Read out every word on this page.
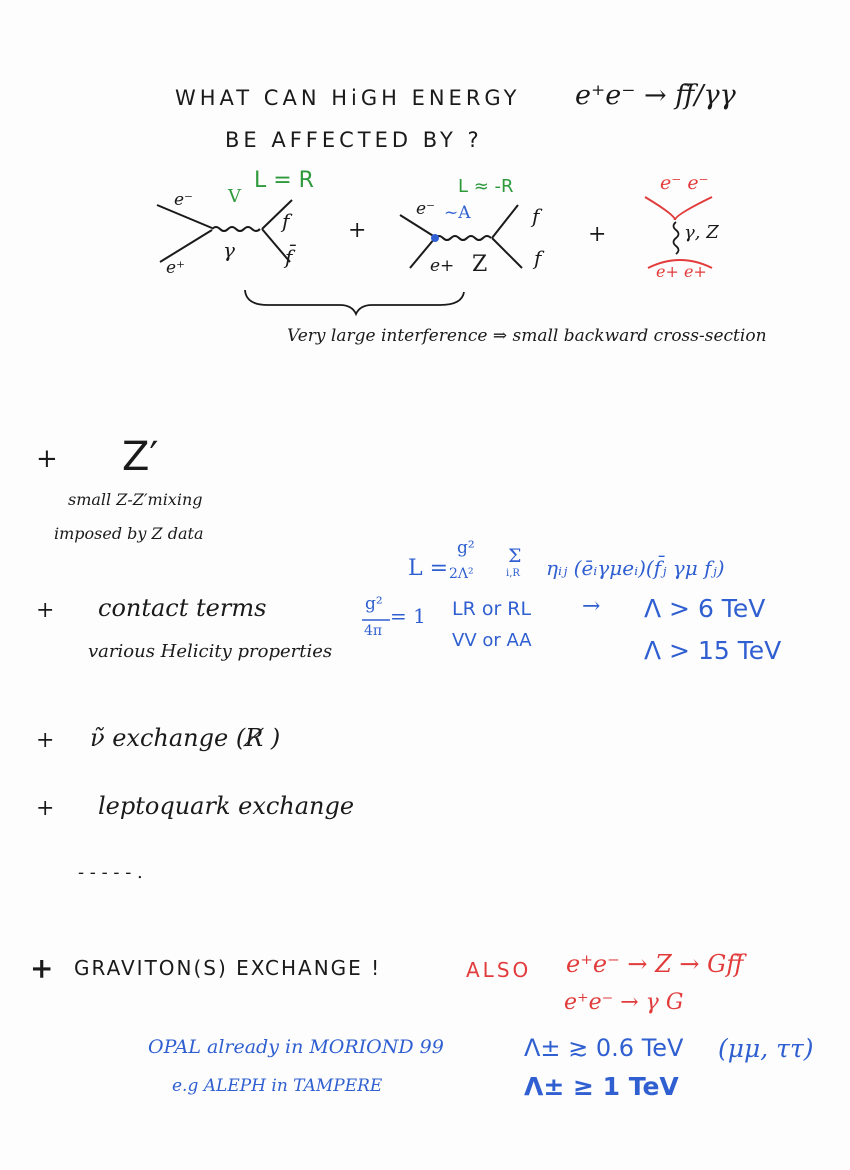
WHAT CAN HiGH ENERGY e⁺e⁻ → ff̄/γγ
BE AFFECTED BY ?
L = R
V
e⁻
e⁺
γ
f
f̄
+
L ≈ -R
e⁻ ~A
e+ Z
f
f
+
e⁻ e⁻
γ, Z
e+ e+
Very large interference ⇒ small backward cross-section
+ Z′
small Z-Z′mixing
imposed by Z data
L =
g²
2Λ²
Σ
i,R ηᵢⱼ (ēᵢγμeᵢ)(f̄ⱼ γμ fⱼ)
+ contact terms
various Helicity properties
g²
4π
= 1 LR or RL → Λ > 6 TeV
VV or AA	Λ > 15 TeV
+ ν̃ exchange (R̸ )
+ leptoquark exchange
- - - - - .
+ GRAVITON(S) EXCHANGE !	ALSO e⁺e⁻ → Z → Gff̄
e⁺e⁻ → γ G
OPAL already in MORIOND 99	Λ± ≳ 0.6 TeV (μμ, ττ)
e.g ALEPH in TAMPERE	Λ± ≥ 1 TeV
